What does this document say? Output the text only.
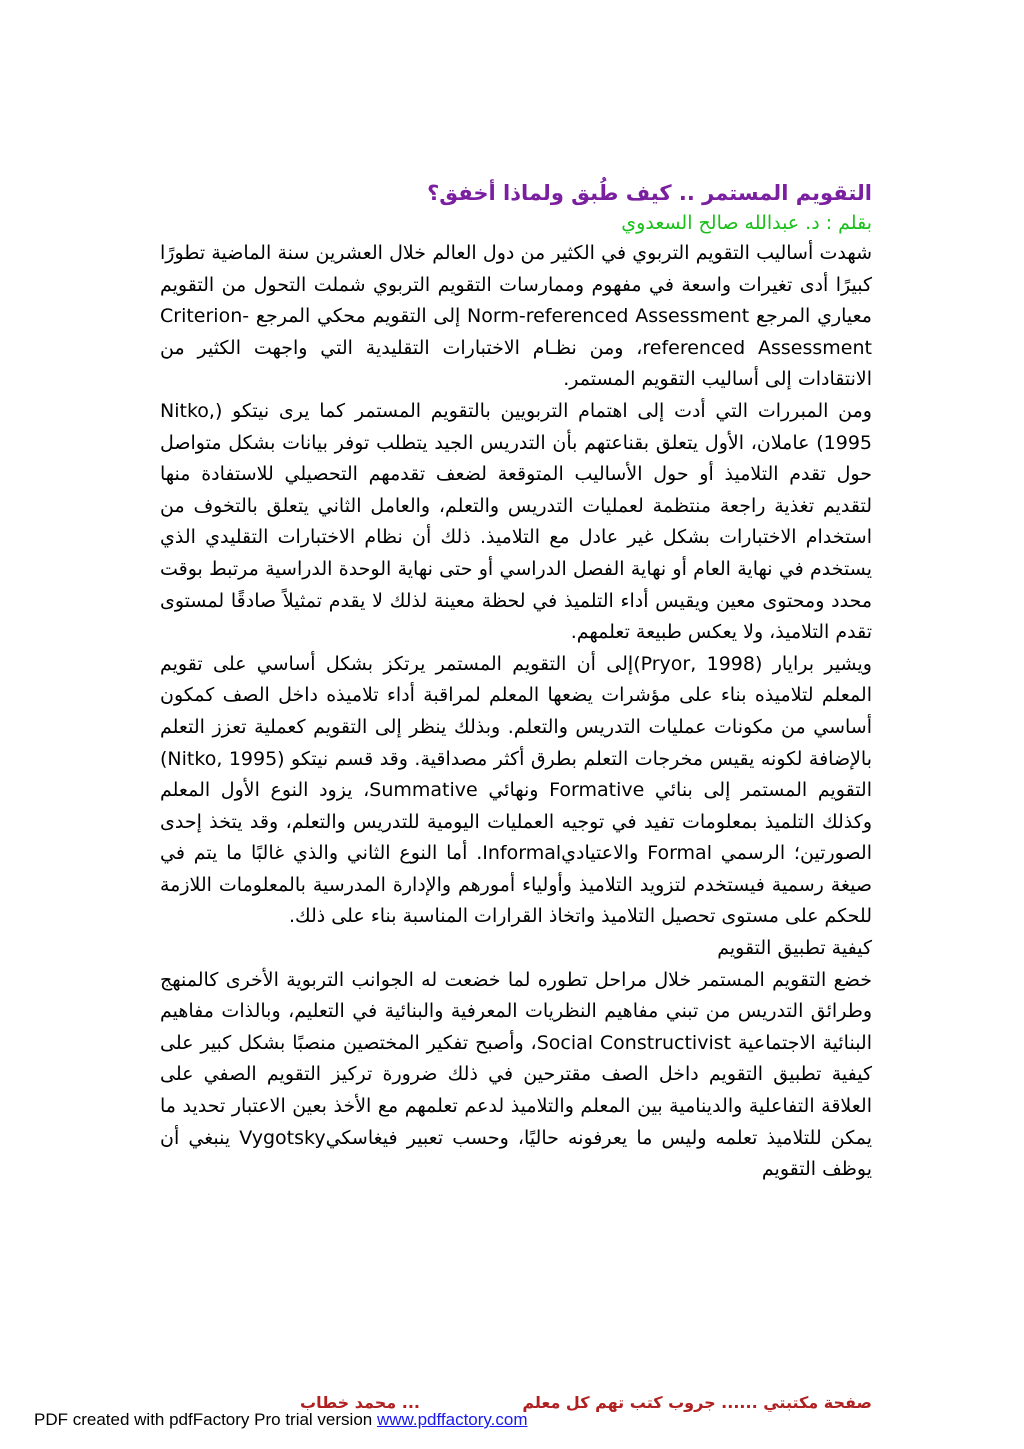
التقويم المستمر .. كيف طُبق ولماذا أخفق؟

بقلم : د. عبدالله صالح السعدوي

شهدت أساليب التقويم التربوي في الكثير من دول العالم خلال العشرين سنة الماضية تطورًا كبيرًا أدى تغيرات واسعة في مفهوم وممارسات التقويم التربوي شملت التحول من التقويم معياري المرجع Norm-referenced Assessment إلى التقويم محكي المرجع Criterion-referenced Assessment، ومن نظـام الاختبارات التقليدية التي واجهت الكثير من الانتقادات إلى أساليب التقويم المستمر.

ومن المبررات التي أدت إلى اهتمام التربويين بالتقويم المستمر كما يرى نيتكو (Nitko, 1995) عاملان، الأول يتعلق بقناعتهم بأن التدريس الجيد يتطلب توفر بيانات بشكل متواصل حول تقدم التلاميذ أو حول الأساليب المتوقعة لضعف تقدمهم التحصيلي للاستفادة منها لتقديم تغذية راجعة منتظمة لعمليات التدريس والتعلم، والعامل الثاني يتعلق بالتخوف من استخدام الاختبارات بشكل غير عادل مع التلاميذ. ذلك أن نظام الاختبارات التقليدي الذي يستخدم في نهاية العام أو نهاية الفصل الدراسي أو حتى نهاية الوحدة الدراسية مرتبط بوقت محدد ومحتوى معين ويقيس أداء التلميذ في لحظة معينة لذلك لا يقدم تمثيلاً صادقًا لمستوى تقدم التلاميذ، ولا يعكس طبيعة تعلمهم.

ويشير برايار (Pryor, 1998)إلى أن التقويم المستمر يرتكز بشكل أساسي على تقويم المعلم لتلاميذه بناء على مؤشرات يضعها المعلم لمراقبة أداء تلاميذه داخل الصف كمكون أساسي من مكونات عمليات التدريس والتعلم. وبذلك ينظر إلى التقويم كعملية تعزز التعلم بالإضافة لكونه يقيس مخرجات التعلم بطرق أكثر مصداقية. وقد قسم نيتكو (Nitko, 1995) التقويم المستمر إلى بنائي Formative ونهائي Summative، يزود النوع الأول المعلم وكذلك التلميذ بمعلومات تفيد في توجيه العمليات اليومية للتدريس والتعلم، وقد يتخذ إحدى الصورتين؛ الرسمي Formal والاعتياديInformal. أما النوع الثاني والذي غالبًا ما يتم في صيغة رسمية فيستخدم لتزويد التلاميذ وأولياء أمورهم والإدارة المدرسية بالمعلومات اللازمة للحكم على مستوى تحصيل التلاميذ واتخاذ القرارات المناسبة بناء على ذلك.

كيفية تطبيق التقويم

خضع التقويم المستمر خلال مراحل تطوره لما خضعت له الجوانب التربوية الأخرى كالمنهج وطرائق التدريس من تبني مفاهيم النظريات المعرفية والبنائية في التعليم، وبالذات مفاهيم البنائية الاجتماعية Social Constructivist، وأصبح تفكير المختصين منصبًا بشكل كبير على كيفية تطبيق التقويم داخل الصف مقترحين في ذلك ضرورة تركيز التقويم الصفي على العلاقة التفاعلية والدينامية بين المعلم والتلاميذ لدعم تعلمهم مع الأخذ بعين الاعتبار تحديد ما يمكن للتلاميذ تعلمه وليس ما يعرفونه حاليًا، وحسب تعبير فيغاسكيVygotsky ينبغي أن يوظف التقويم

صفحة مكتبتي ...... جروب كتب تهم كل معلم
... محمد خطاب
PDF created with pdfFactory Pro trial version www.pdffactory.com
